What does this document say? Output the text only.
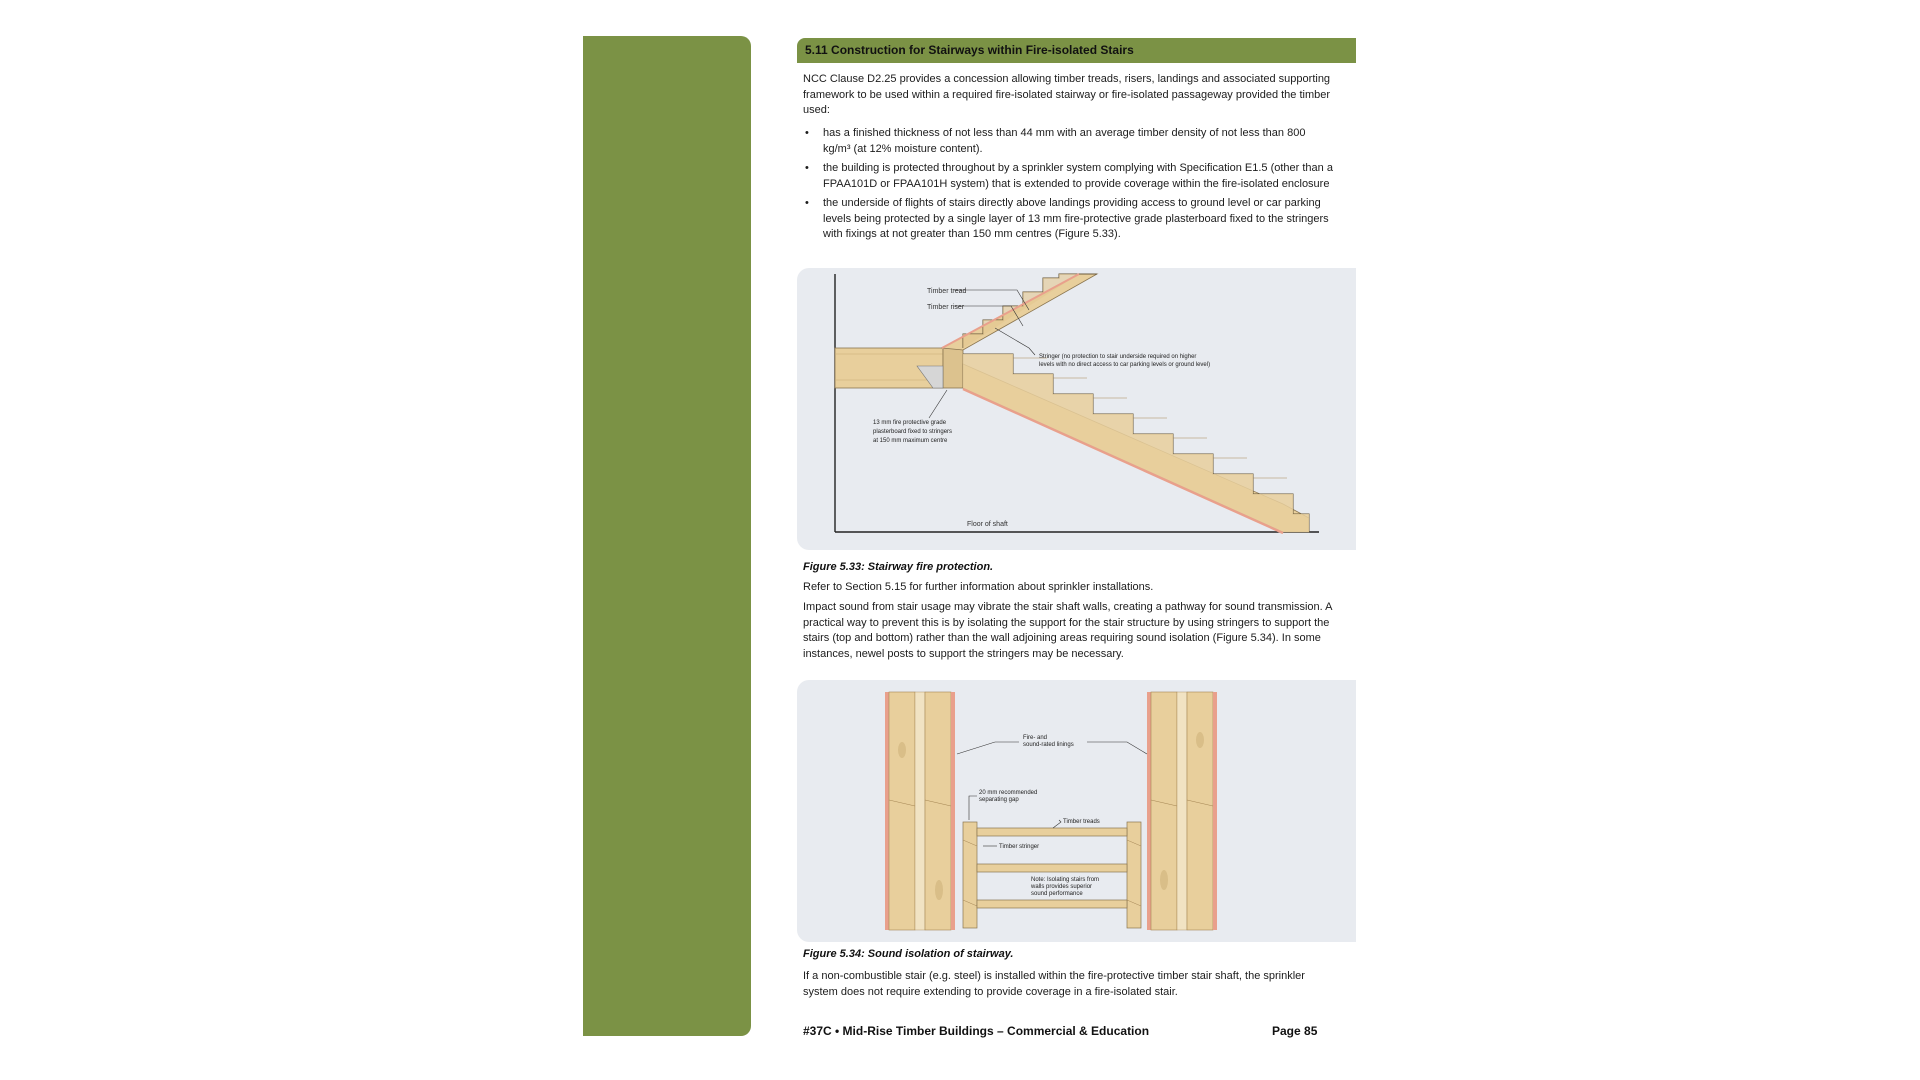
5.11 Construction for Stairways within Fire-isolated Stairs

NCC Clause D2.25 provides a concession allowing timber treads, risers, landings and associated supporting framework to be used within a required fire-isolated stairway or fire-isolated passageway provided the timber used:

• has a finished thickness of not less than 44 mm with an average timber density of not less than 800 kg/m³ (at 12% moisture content).
• the building is protected throughout by a sprinkler system complying with Specification E1.5 (other than a FPAA101D or FPAA101H system) that is extended to provide coverage within the fire-isolated enclosure
• the underside of flights of stairs directly above landings providing access to ground level or car parking levels being protected by a single layer of 13 mm fire-protective grade plasterboard fixed to the stringers with fixings at not greater than 150 mm centres (Figure 5.33).
Timber tread
Timber riser
Stringer (no protection to stair underside required on higher
levels with no direct access to car parking levels or ground level)
13 mm fire protective grade
plasterboard fixed to stringers
at 150 mm maximum centre
Floor of shaft
Figure 5.33: Stairway fire protection.

Refer to Section 5.15 for further information about sprinkler installations.

Impact sound from stair usage may vibrate the stair shaft walls, creating a pathway for sound transmission. A practical way to prevent this is by isolating the support for the stair structure by using stringers to support the stairs (top and bottom) rather than the wall adjoining areas requiring sound isolation (Figure 5.34). In some instances, newel posts to support the stringers may be necessary.

Fire- and
sound-rated linings
20 mm recommended
separating gap
Timber treads
Timber stringer
Note: Isolating stairs from
walls provides superior
sound performance
Figure 5.34: Sound isolation of stairway.

If a non-combustible stair (e.g. steel) is installed within the fire-protective timber stair shaft, the sprinkler system does not require extending to provide coverage in a fire-isolated stair.

#37C • Mid-Rise Timber Buildings – Commercial & Education	Page 85
